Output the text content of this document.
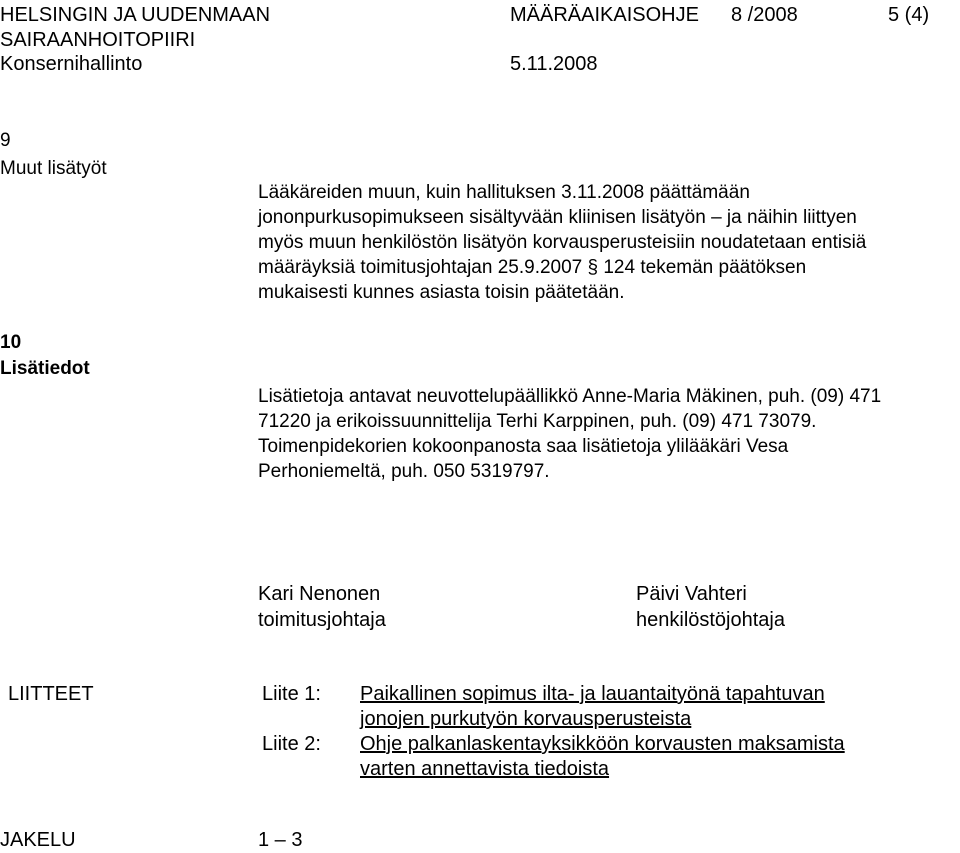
HELSINGIN JA UUDENMAAN
SAIRAANHOITOPIIRI
Konsernihallinto
MÄÄRÄAIKAISOHJE 8 /2008	5 (4)
5.11.2008
9
Muut lisätyöt
Lääkäreiden muun, kuin hallituksen 3.11.2008 päättämään
jononpurkusopimukseen sisältyvään kliinisen lisätyön – ja näihin liittyen
myös muun henkilöstön lisätyön korvausperusteisiin noudatetaan entisiä
määräyksiä toimitusjohtajan 25.9.2007 § 124 tekemän päätöksen
mukaisesti kunnes asiasta toisin päätetään.
10
Lisätiedot
Lisätietoja antavat neuvottelupäällikkö Anne-Maria Mäkinen, puh. (09) 471
71220 ja erikoissuunnittelija Terhi Karppinen, puh. (09) 471 73079.
Toimenpidekorien kokoonpanosta saa lisätietoja ylilääkäri Vesa
Perhoniemeltä, puh. 050 5319797.
Kari Nenonen
toimitusjohtaja
Päivi Vahteri
henkilöstöjohtaja
LIITTEET	Liite 1: Paikallinen sopimus ilta- ja lauantaityönä tapahtuvan
jonojen purkutyön korvausperusteista
Liite 2: Ohje palkanlaskentayksikköön korvausten maksamista
varten annettavista tiedoista
JAKELU	1 – 3
